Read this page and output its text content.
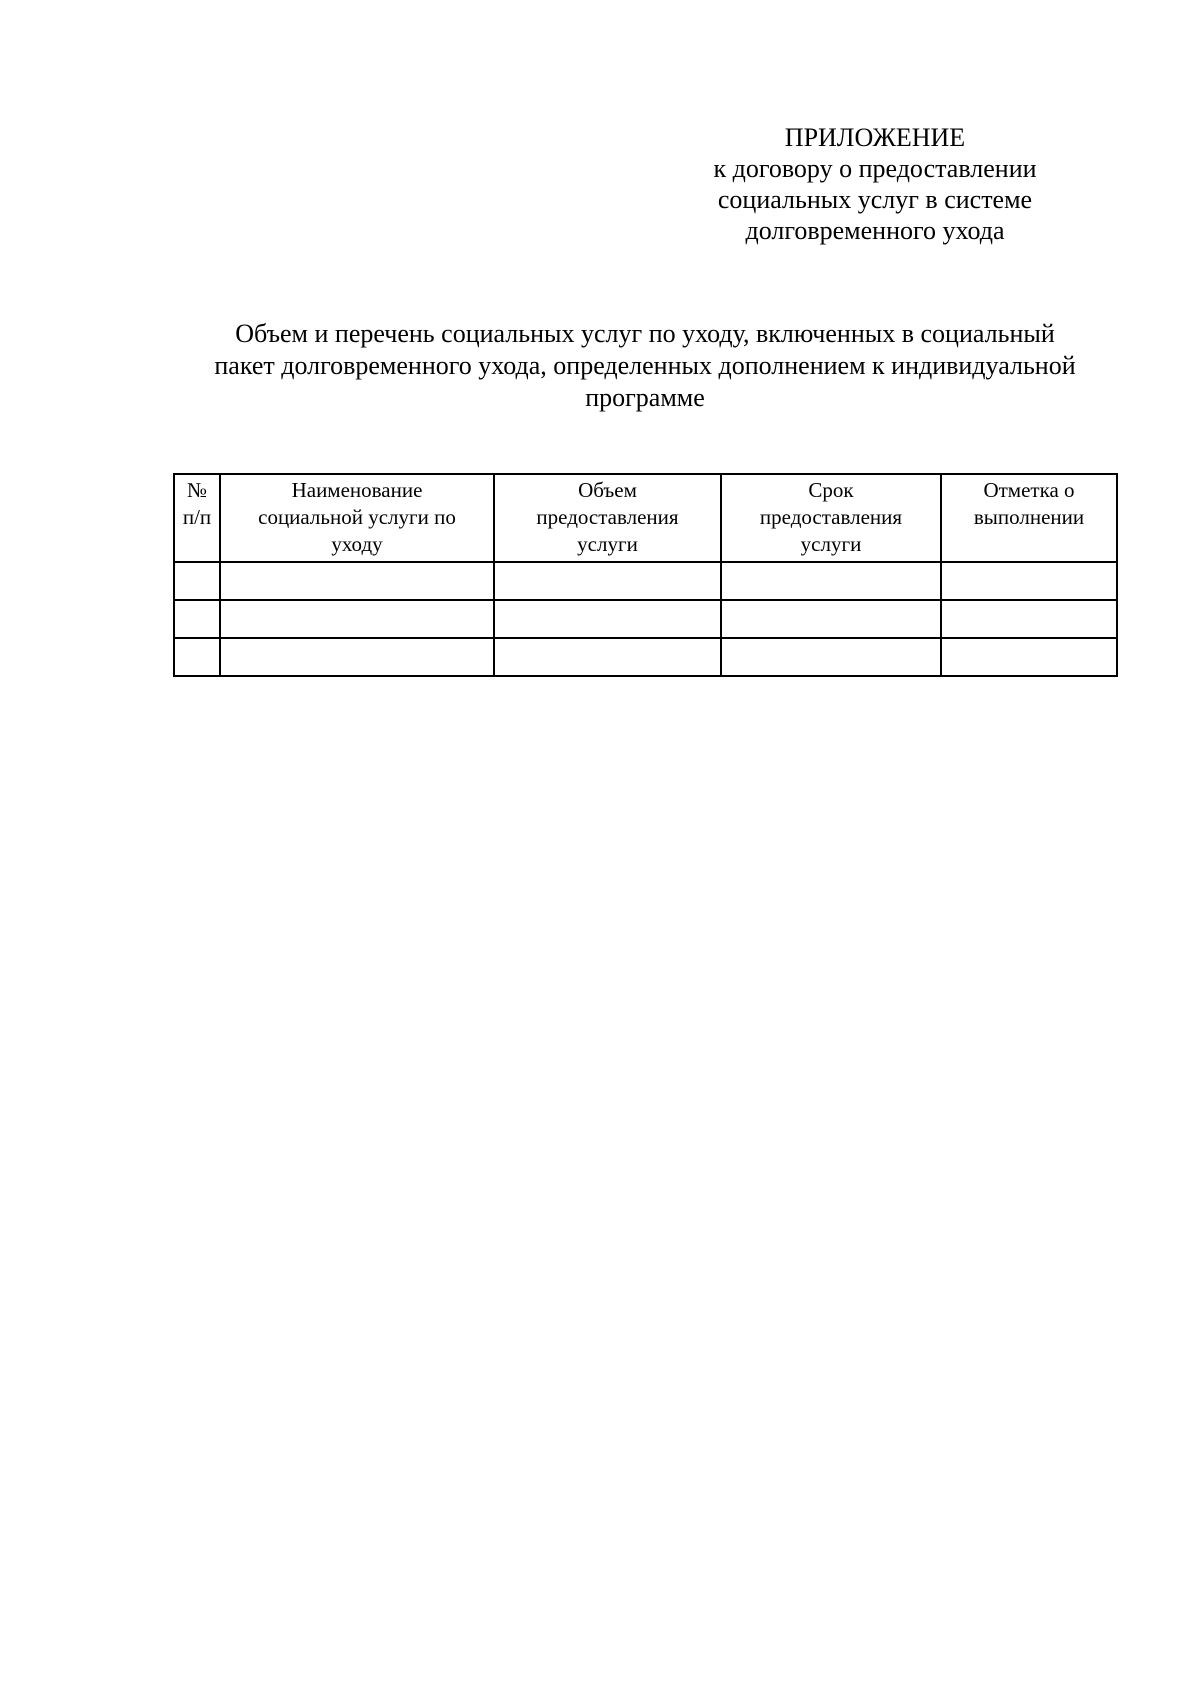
ПРИЛОЖЕНИЕ
к договору о предоставлении
социальных услуг в системе
долговременного ухода
Объем и перечень социальных услуг по уходу, включенных в социальный
пакет долговременного ухода, определенных дополнением к индивидуальной
программе
№
п/п	Наименование
социальной услуги по
уходу	Объем
предоставления
услуги	Срок
предоставления
услуги	Отметка о
выполнении
